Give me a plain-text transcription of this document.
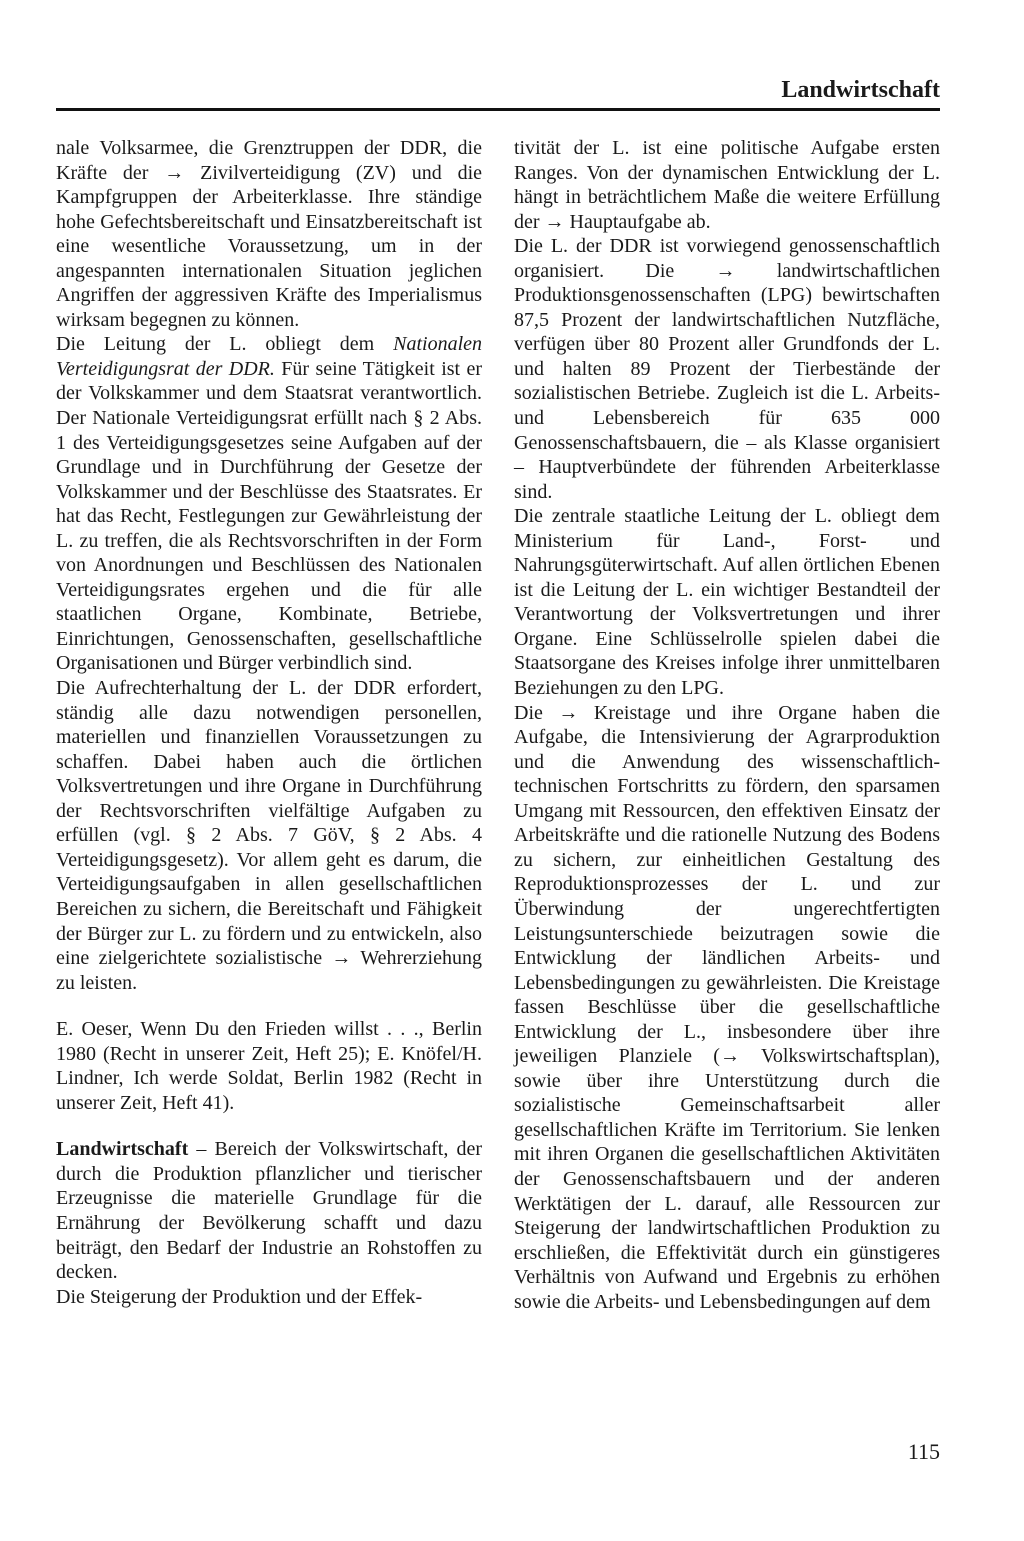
Landwirtschaft

nale Volksarmee, die Grenztruppen der DDR, die Kräfte der → Zivilverteidigung (ZV) und die Kampfgruppen der Arbeiterklasse. Ihre ständige hohe Gefechtsbereitschaft und Einsatzbereitschaft ist eine wesentliche Voraussetzung, um in der angespannten internationalen Situation jeglichen Angriffen der aggressiven Kräfte des Imperialismus wirksam begegnen zu können.

Die Leitung der L. obliegt dem Nationalen Verteidigungsrat der DDR. Für seine Tätigkeit ist er der Volkskammer und dem Staatsrat verantwortlich. Der Nationale Verteidigungsrat erfüllt nach § 2 Abs. 1 des Verteidigungsgesetzes seine Aufgaben auf der Grundlage und in Durchführung der Gesetze der Volkskammer und der Beschlüsse des Staatsrates. Er hat das Recht, Festlegungen zur Gewährleistung der L. zu treffen, die als Rechtsvorschriften in der Form von Anordnungen und Beschlüssen des Nationalen Verteidigungsrates ergehen und die für alle staatlichen Organe, Kombinate, Betriebe, Einrichtungen, Genossenschaften, gesellschaftliche Organisationen und Bürger verbindlich sind.

Die Aufrechterhaltung der L. der DDR erfordert, ständig alle dazu notwendigen personellen, materiellen und finanziellen Voraussetzungen zu schaffen. Dabei haben auch die örtlichen Volksvertretungen und ihre Organe in Durchführung der Rechtsvorschriften vielfältige Aufgaben zu erfüllen (vgl. § 2 Abs. 7 GöV, § 2 Abs. 4 Verteidigungsgesetz). Vor allem geht es darum, die Verteidigungsaufgaben in allen gesellschaftlichen Bereichen zu sichern, die Bereitschaft und Fähigkeit der Bürger zur L. zu fördern und zu entwickeln, also eine zielgerichtete sozialistische → Wehrerziehung zu leisten.

E. Oeser, Wenn Du den Frieden willst . . ., Berlin 1980 (Recht in unserer Zeit, Heft 25); E. Knöfel/H. Lindner, Ich werde Soldat, Berlin 1982 (Recht in unserer Zeit, Heft 41).

Landwirtschaft – Bereich der Volkswirtschaft, der durch die Produktion pflanzlicher und tierischer Erzeugnisse die materielle Grundlage für die Ernährung der Bevölkerung schafft und dazu beiträgt, den Bedarf der Industrie an Rohstoffen zu decken.

Die Steigerung der Produktion und der Effek-

tivität der L. ist eine politische Aufgabe ersten Ranges. Von der dynamischen Entwicklung der L. hängt in beträchtlichem Maße die weitere Erfüllung der → Hauptaufgabe ab.

Die L. der DDR ist vorwiegend genossenschaftlich organisiert. Die → landwirtschaftlichen Produktionsgenossenschaften (LPG) bewirtschaften 87,5 Prozent der landwirtschaftlichen Nutzfläche, verfügen über 80 Prozent aller Grundfonds der L. und halten 89 Prozent der Tierbestände der sozialistischen Betriebe. Zugleich ist die L. Arbeits- und Lebensbereich für 635 000 Genossenschaftsbauern, die – als Klasse organisiert – Hauptverbündete der führenden Arbeiterklasse sind.

Die zentrale staatliche Leitung der L. obliegt dem Ministerium für Land-, Forst- und Nahrungsgüterwirtschaft. Auf allen örtlichen Ebenen ist die Leitung der L. ein wichtiger Bestandteil der Verantwortung der Volksvertretungen und ihrer Organe. Eine Schlüsselrolle spielen dabei die Staatsorgane des Kreises infolge ihrer unmittelbaren Beziehungen zu den LPG.

Die → Kreistage und ihre Organe haben die Aufgabe, die Intensivierung der Agrarproduktion und die Anwendung des wissenschaftlich-technischen Fortschritts zu fördern, den sparsamen Umgang mit Ressourcen, den effektiven Einsatz der Arbeitskräfte und die rationelle Nutzung des Bodens zu sichern, zur einheitlichen Gestaltung des Reproduktionsprozesses der L. und zur Überwindung der ungerechtfertigten Leistungsunterschiede beizutragen sowie die Entwicklung der ländlichen Arbeits- und Lebensbedingungen zu gewährleisten. Die Kreistage fassen Beschlüsse über die gesellschaftliche Entwicklung der L., insbesondere über ihre jeweiligen Planziele (→ Volkswirtschaftsplan), sowie über ihre Unterstützung durch die sozialistische Gemeinschaftsarbeit aller gesellschaftlichen Kräfte im Territorium. Sie lenken mit ihren Organen die gesellschaftlichen Aktivitäten der Genossenschaftsbauern und der anderen Werktätigen der L. darauf, alle Ressourcen zur Steigerung der landwirtschaftlichen Produktion zu erschließen, die Effektivität durch ein günstigeres Verhältnis von Aufwand und Ergebnis zu erhöhen sowie die Arbeits- und Lebensbedingungen auf dem

115
